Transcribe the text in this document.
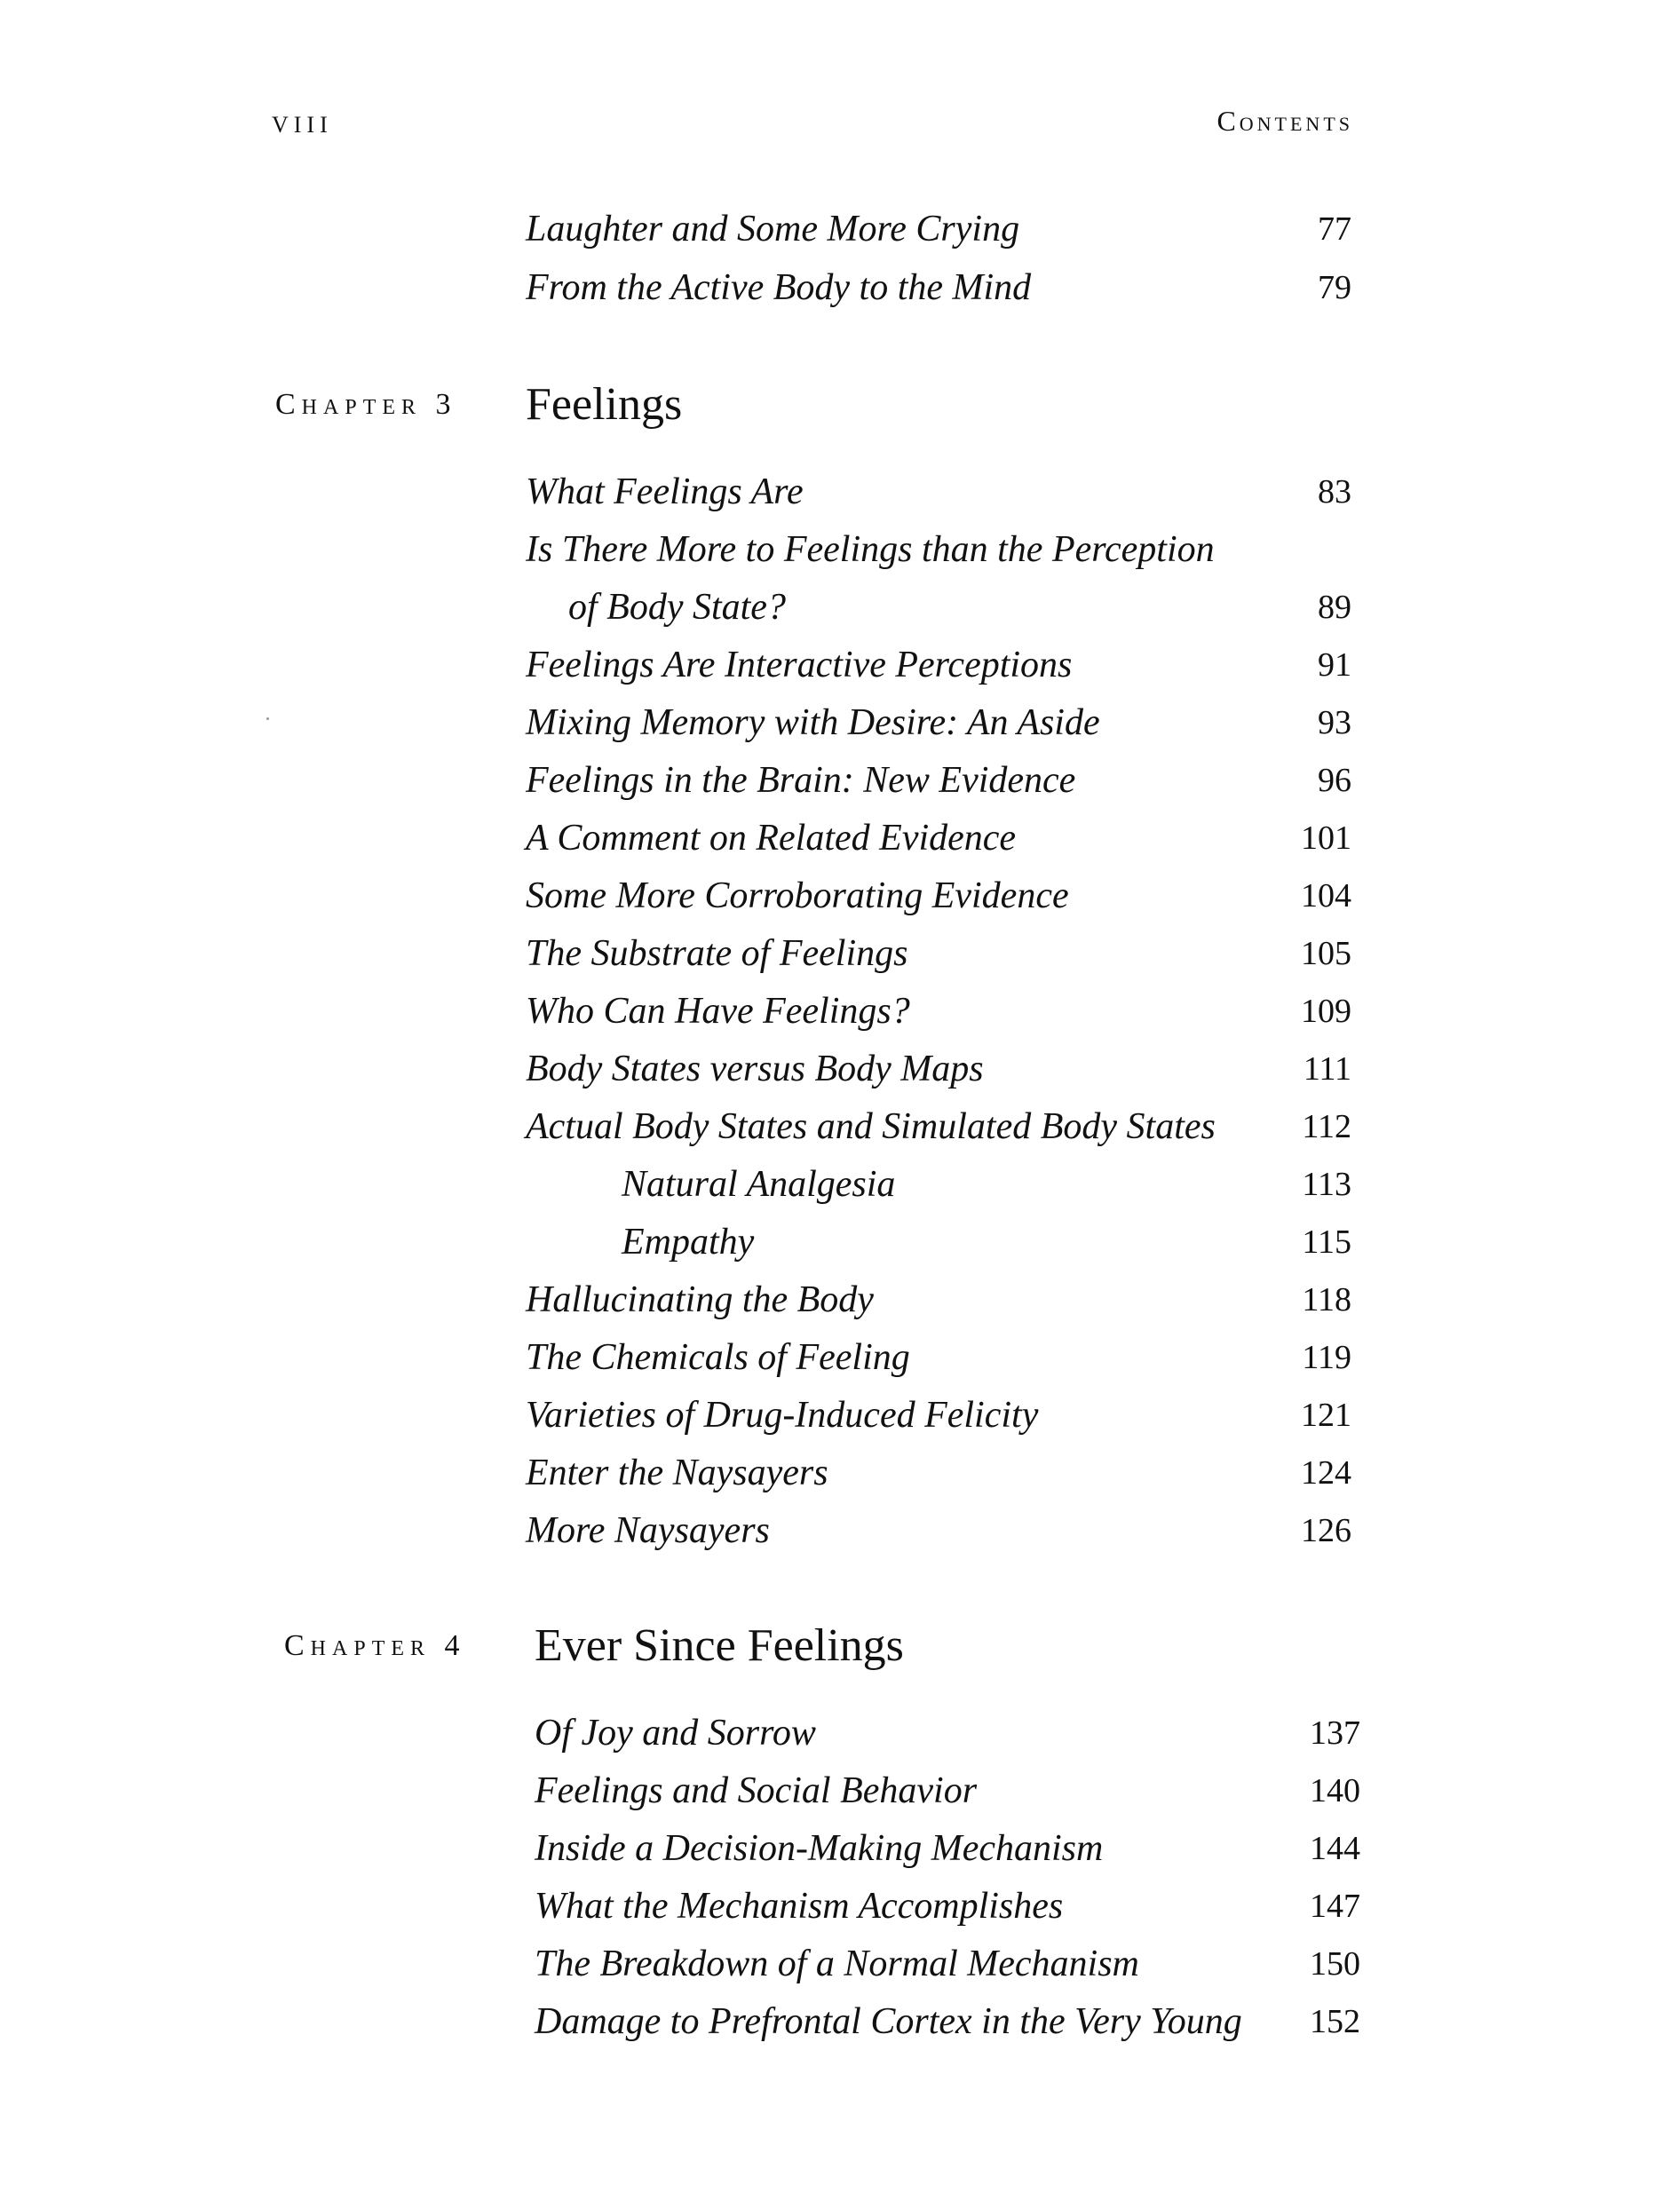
VIII	Contents
Laughter and Some More Crying	77
From the Active Body to the Mind	79
Chapter 3 Feelings
What Feelings Are	83
Is There More to Feelings than the Perception
of Body State?	89
Feelings Are Interactive Perceptions	91
Mixing Memory with Desire: An Aside	93
Feelings in the Brain: New Evidence	96
A Comment on Related Evidence	101
Some More Corroborating Evidence	104
The Substrate of Feelings	105
Who Can Have Feelings?	109
Body States versus Body Maps	111
Actual Body States and Simulated Body States	112
Natural Analgesia	113
Empathy	115
Hallucinating the Body	118
The Chemicals of Feeling	119
Varieties of Drug-Induced Felicity	121
Enter the Naysayers	124
More Naysayers	126
Chapter 4 Ever Since Feelings
Of Joy and Sorrow	137
Feelings and Social Behavior	140
Inside a Decision-Making Mechanism	144
What the Mechanism Accomplishes	147
The Breakdown of a Normal Mechanism	150
Damage to Prefrontal Cortex in the Very Young 152
